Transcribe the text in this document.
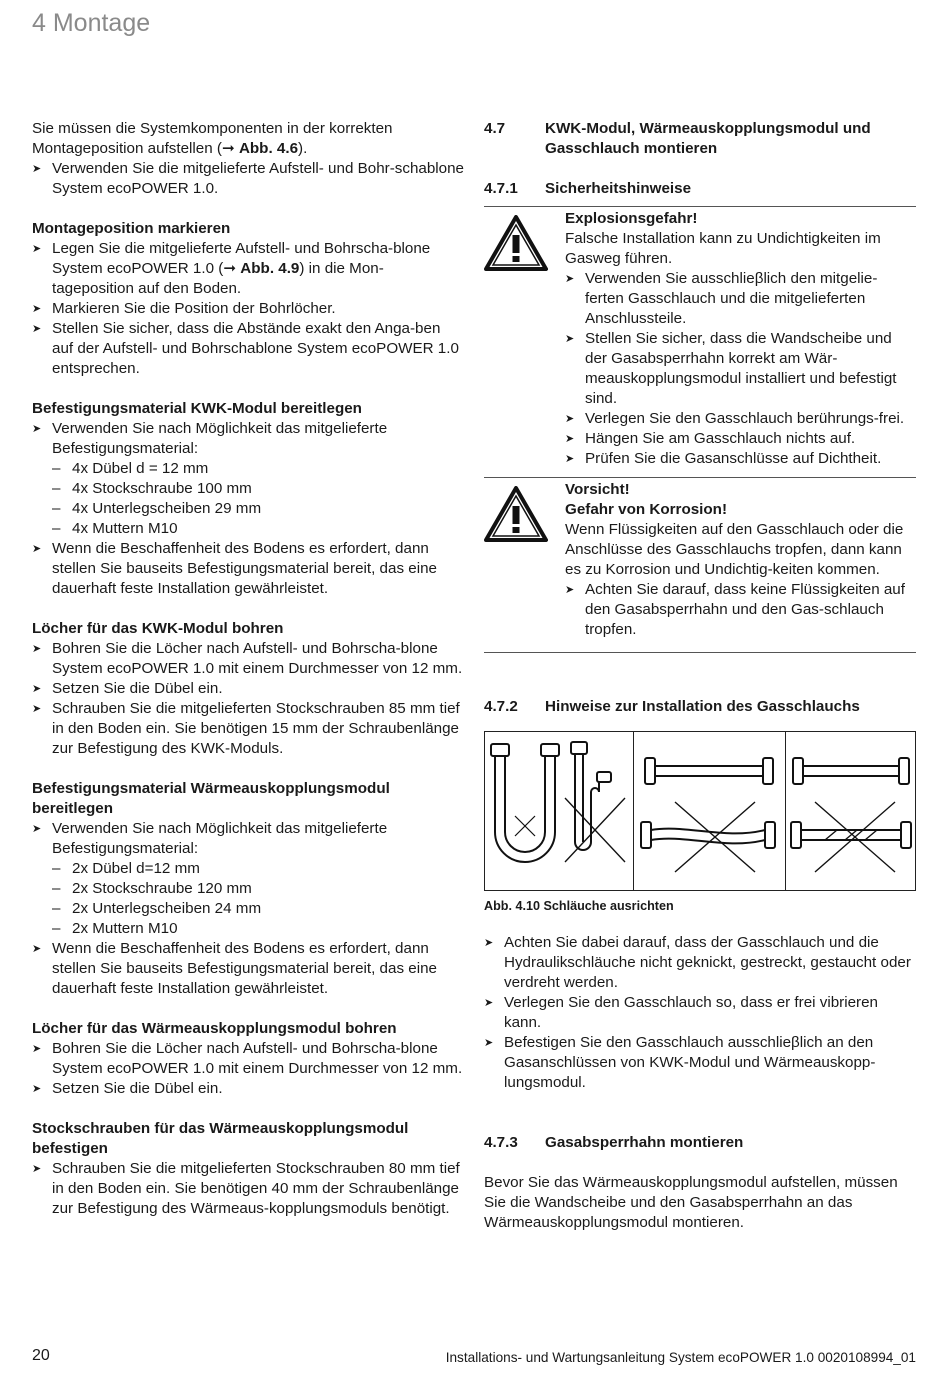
4 Montage

Sie müssen die Systemkomponenten in der korrekten Montageposition aufstellen (➞ Abb. 4.6).

➤ Verwenden Sie die mitgelieferte Aufstell- und Bohr-schablone System ecoPOWER 1.0.

Montageposition markieren

➤ Legen Sie die mitgelieferte Aufstell- und Bohrscha-blone System ecoPOWER 1.0 (➞ Abb. 4.9) in die Mon-tageposition auf den Boden.

➤ Markieren Sie die Position der Bohrlöcher.

➤ Stellen Sie sicher, dass die Abstände exakt den Anga-ben auf der Aufstell- und Bohrschablone System ecoPOWER 1.0 entsprechen.

Befestigungsmaterial KWK-Modul bereitlegen

➤ Verwenden Sie nach Möglichkeit das mitgelieferte Befestigungsmaterial:

– 4x Dübel d = 12 mm

– 4x Stockschraube 100 mm

– 4x Unterlegscheiben 29 mm

– 4x Muttern M10

➤ Wenn die Beschaffenheit des Bodens es erfordert, dann stellen Sie bauseits Befestigungsmaterial bereit, das eine dauerhaft feste Installation gewährleistet.

Löcher für das KWK-Modul bohren

➤ Bohren Sie die Löcher nach Aufstell- und Bohrscha-blone System ecoPOWER 1.0 mit einem Durchmesser von 12 mm.

➤ Setzen Sie die Dübel ein.

➤ Schrauben Sie die mitgelieferten Stockschrauben 85 mm tief in den Boden ein. Sie benötigen 15 mm der Schraubenlänge zur Befestigung des KWK-Moduls.

Befestigungsmaterial Wärmeauskopplungsmodul bereitlegen

➤ Verwenden Sie nach Möglichkeit das mitgelieferte Befestigungsmaterial:

– 2x Dübel d=12 mm

– 2x Stockschraube 120 mm

– 2x Unterlegscheiben 24 mm

– 2x Muttern M10

➤ Wenn die Beschaffenheit des Bodens es erfordert, dann stellen Sie bauseits Befestigungsmaterial bereit, das eine dauerhaft feste Installation gewährleistet.

Löcher für das Wärmeauskopplungsmodul bohren

➤ Bohren Sie die Löcher nach Aufstell- und Bohrscha-blone System ecoPOWER 1.0 mit einem Durchmesser von 12 mm.

➤ Setzen Sie die Dübel ein.

Stockschrauben für das Wärmeauskopplungsmodul befestigen

➤ Schrauben Sie die mitgelieferten Stockschrauben 80 mm tief in den Boden ein. Sie benötigen 40 mm der Schraubenlänge zur Befestigung des Wärmeaus-kopplungsmoduls benötigt.

4.7	KWK-Modul, Wärmeauskopplungsmodul und Gasschlauch montieren
4.7.1	Sicherheitshinweise

Explosionsgefahr!

Falsche Installation kann zu Undichtigkeiten im Gasweg führen.

➤ Verwenden Sie ausschlieβlich den mitgelie-ferten Gasschlauch und die mitgelieferten Anschlussteile.

➤ Stellen Sie sicher, dass die Wandscheibe und der Gasabsperrhahn korrekt am Wär-meauskopplungsmodul installiert und befestigt sind.

➤ Verlegen Sie den Gasschlauch berührungs-frei.

➤ Hängen Sie am Gasschlauch nichts auf.

➤ Prüfen Sie die Gasanschlüsse auf Dichtheit.

Vorsicht!

Gefahr von Korrosion!

Wenn Flüssigkeiten auf den Gasschlauch oder die Anschlüsse des Gasschlauchs tropfen, dann kann es zu Korrosion und Undichtig-keiten kommen.

➤ Achten Sie darauf, dass keine Flüssigkeiten auf den Gasabsperrhahn und den Gas-schlauch tropfen.

4.7.2	Hinweise zur Installation des Gasschlauchs

Abb. 4.10 Schläuche ausrichten

➤ Achten Sie dabei darauf, dass der Gasschlauch und die Hydraulikschläuche nicht geknickt, gestreckt, gestaucht oder verdreht werden.

➤ Verlegen Sie den Gasschlauch so, dass er frei vibrieren kann.

➤ Befestigen Sie den Gasschlauch ausschlieβlich an den Gasanschlüssen von KWK-Modul und Wärmeauskopp-lungsmodul.

4.7.3	Gasabsperrhahn montieren

Bevor Sie das Wärmeauskopplungsmodul aufstellen, müssen Sie die Wandscheibe und den Gasabsperrhahn an das Wärmeauskopplungsmodul montieren.

20	Installations- und Wartungsanleitung System ecoPOWER 1.0 0020108994_01
